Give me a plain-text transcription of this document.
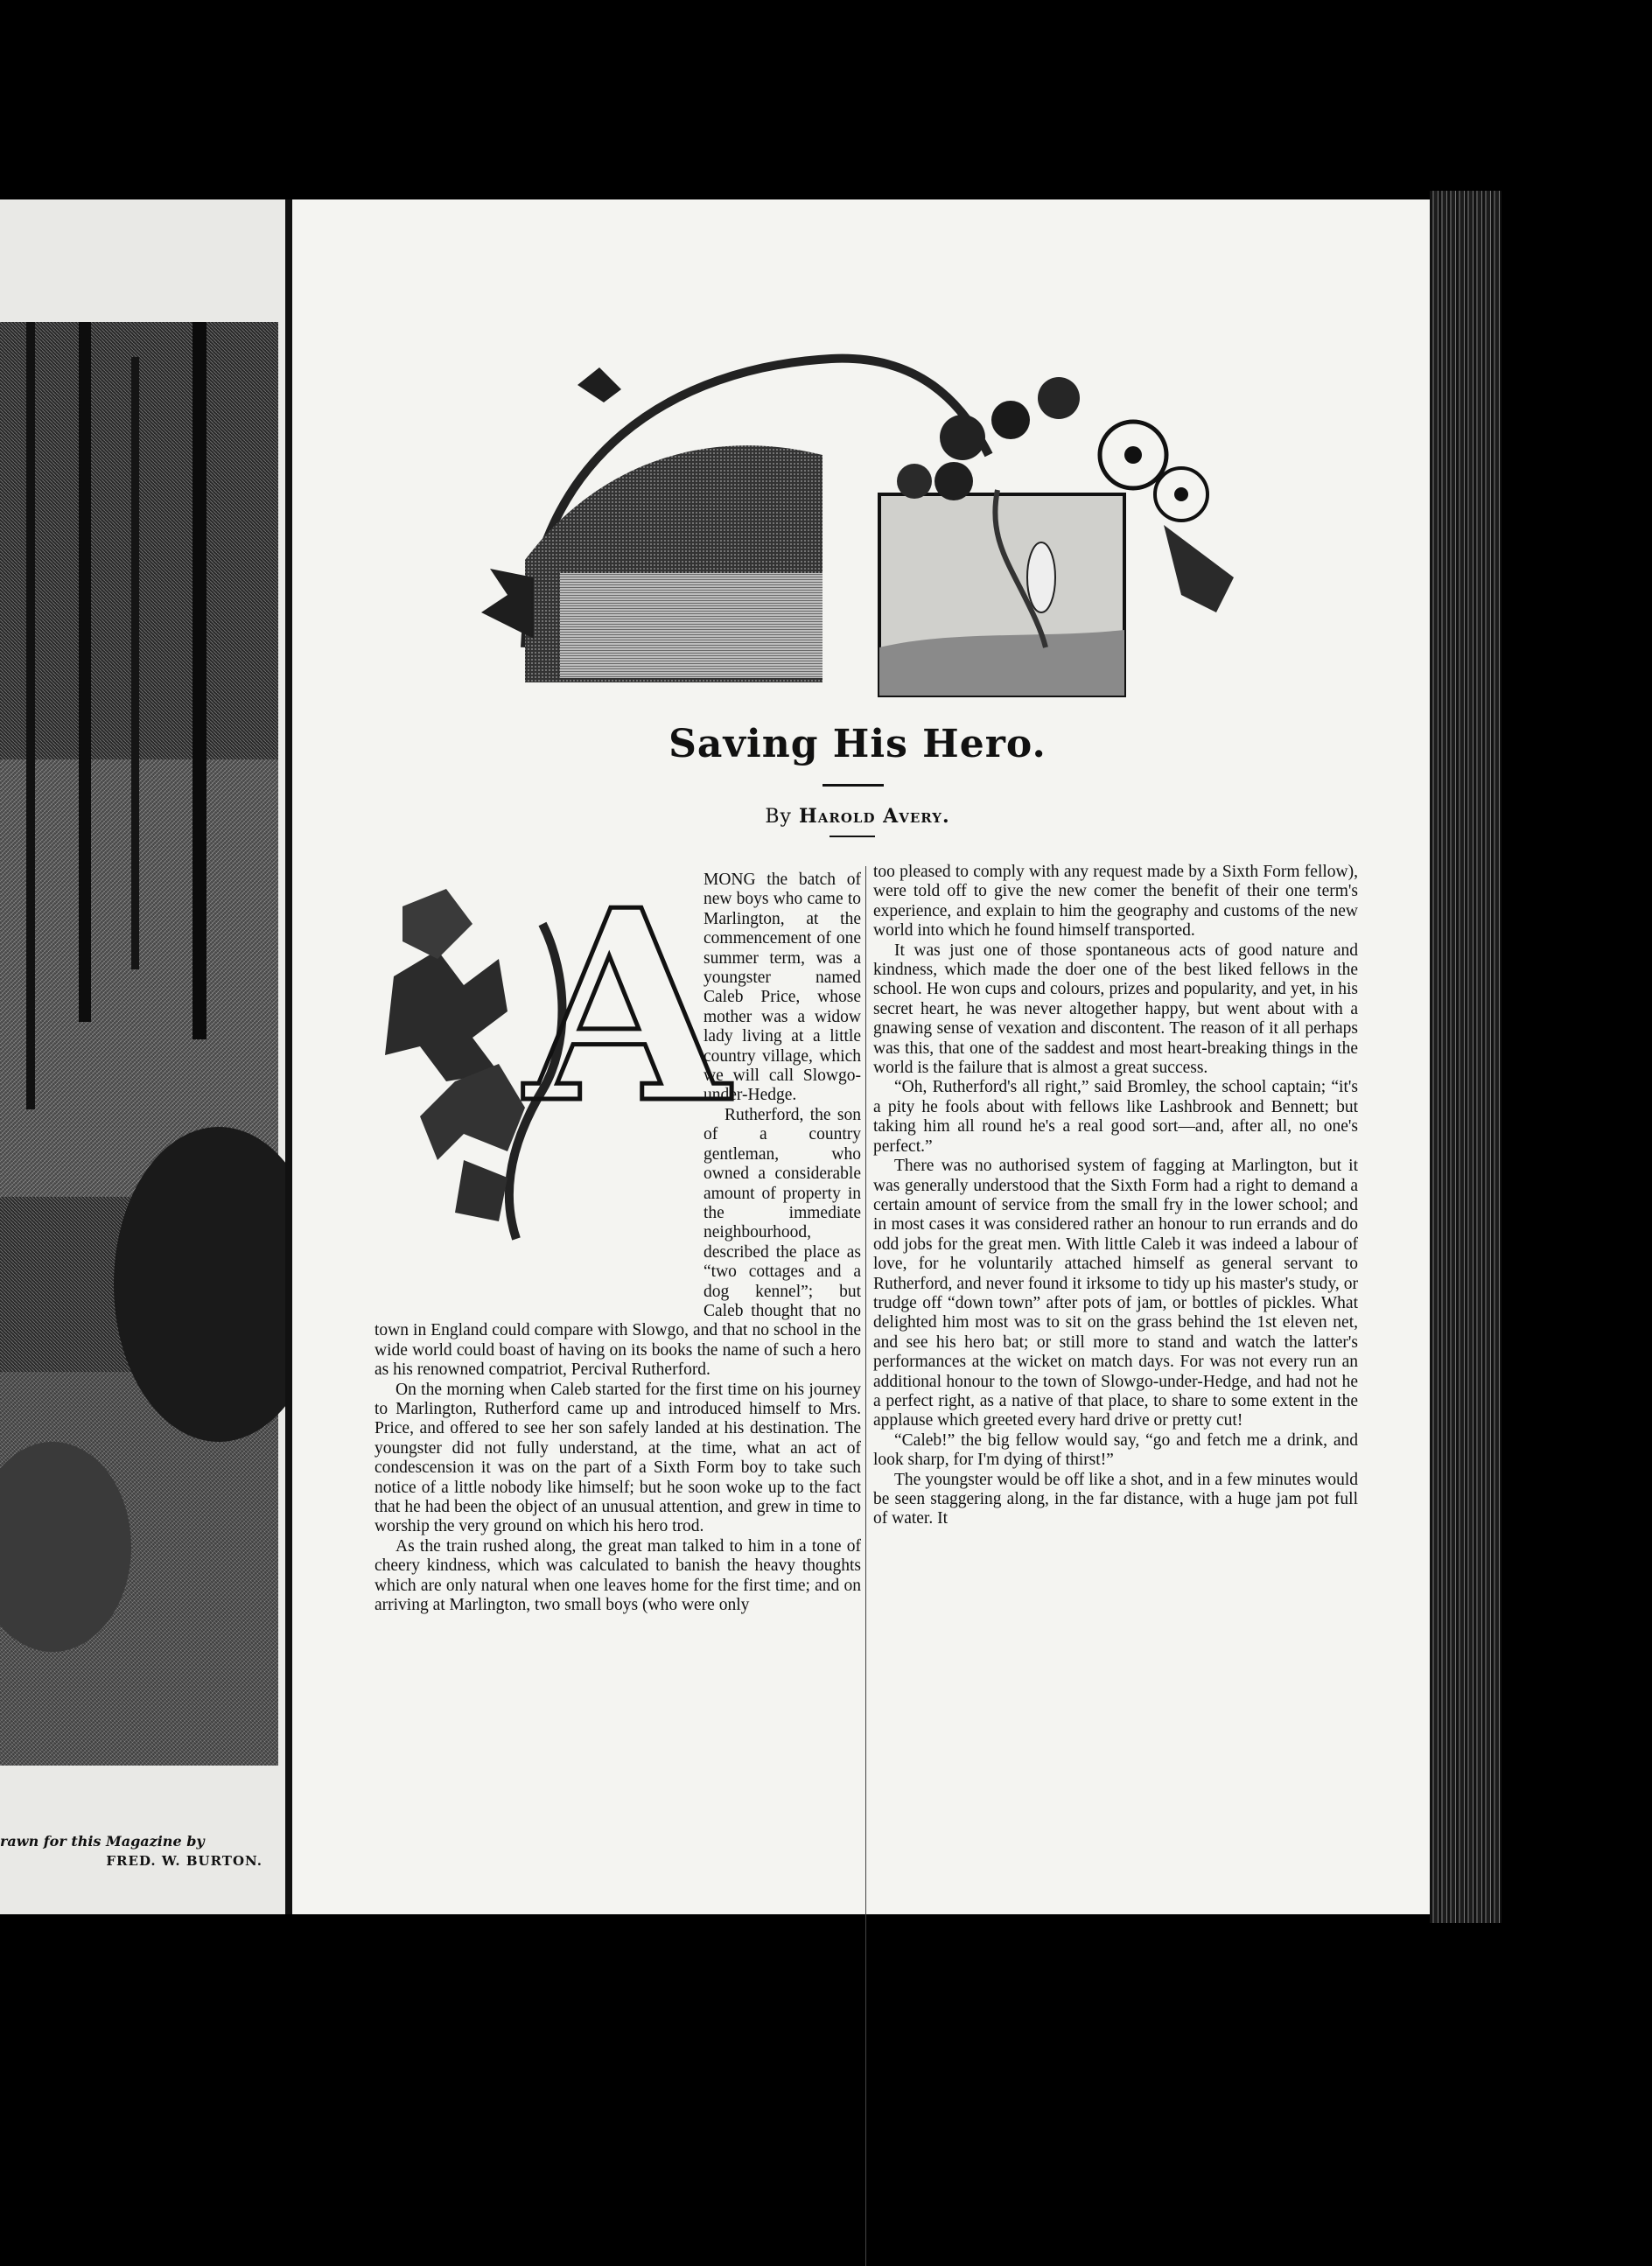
rawn for this Magazine by
FRED. W. BURTON.
Saving His Hero.
By Harold Avery.
A

MONG the batch of new boys who came to Marlington, at the commencement of one summer term, was a youngster named Caleb Price, whose mother was a widow lady living at a little country village, which we will call Slowgo-under-Hedge.

Rutherford, the son of a country gentleman, who owned a considerable amount of property in the immediate neighbourhood, described the place as “two cottages and a dog kennel”; but Caleb thought that no town in England could compare with Slowgo, and that no school in the wide world could boast of having on its books the name of such a hero as his renowned compatriot, Percival Rutherford.

On the morning when Caleb started for the first time on his journey to Marlington, Rutherford came up and introduced himself to Mrs. Price, and offered to see her son safely landed at his destination. The youngster did not fully understand, at the time, what an act of condescension it was on the part of a Sixth Form boy to take such notice of a little nobody like himself; but he soon woke up to the fact that he had been the object of an unusual attention, and grew in time to worship the very ground on which his hero trod.

As the train rushed along, the great man talked to him in a tone of cheery kindness, which was calculated to banish the heavy thoughts which are only natural when one leaves home for the first time; and on arriving at Marlington, two small boys (who were only

too pleased to comply with any request made by a Sixth Form fellow), were told off to give the new comer the benefit of their one term's experience, and explain to him the geography and customs of the new world into which he found himself transported.

It was just one of those spontaneous acts of good nature and kindness, which made the doer one of the best liked fellows in the school. He won cups and colours, prizes and popularity, and yet, in his secret heart, he was never altogether happy, but went about with a gnawing sense of vexation and discontent. The reason of it all perhaps was this, that one of the saddest and most heart-breaking things in the world is the failure that is almost a great success.

“Oh, Rutherford's all right,” said Bromley, the school captain; “it's a pity he fools about with fellows like Lashbrook and Bennett; but taking him all round he's a real good sort—and, after all, no one's perfect.”

There was no authorised system of fagging at Marlington, but it was generally understood that the Sixth Form had a right to demand a certain amount of service from the small fry in the lower school; and in most cases it was considered rather an honour to run errands and do odd jobs for the great men. With little Caleb it was indeed a labour of love, for he voluntarily attached himself as general servant to Rutherford, and never found it irksome to tidy up his master's study, or trudge off “down town” after pots of jam, or bottles of pickles. What delighted him most was to sit on the grass behind the 1st eleven net, and see his hero bat; or still more to stand and watch the latter's performances at the wicket on match days. For was not every run an additional honour to the town of Slowgo-under-Hedge, and had not he a perfect right, as a native of that place, to share to some extent in the applause which greeted every hard drive or pretty cut!

“Caleb!” the big fellow would say, “go and fetch me a drink, and look sharp, for I'm dying of thirst!”

The youngster would be off like a shot, and in a few minutes would be seen staggering along, in the far distance, with a huge jam pot full of water. It
